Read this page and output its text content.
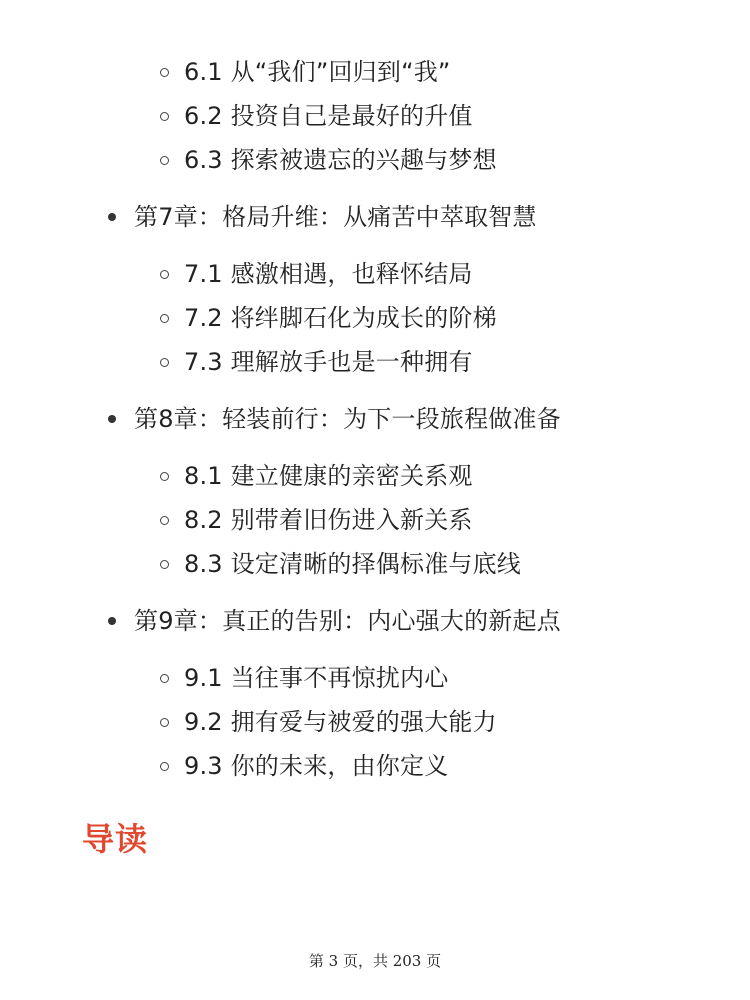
6.1 从“我们”回归到“我”
6.2 投资自己是最好的升值
6.3 探索被遗忘的兴趣与梦想
第7章：格局升维：从痛苦中萃取智慧
7.1 感激相遇，也释怀结局
7.2 将绊脚石化为成长的阶梯
7.3 理解放手也是一种拥有
第8章：轻装前行：为下一段旅程做准备
8.1 建立健康的亲密关系观
8.2 别带着旧伤进入新关系
8.3 设定清晰的择偶标准与底线
第9章：真正的告别：内心强大的新起点
9.1 当往事不再惊扰内心
9.2 拥有爱与被爱的强大能力
9.3 你的未来，由你定义
导读
第 3 页，共 203 页
